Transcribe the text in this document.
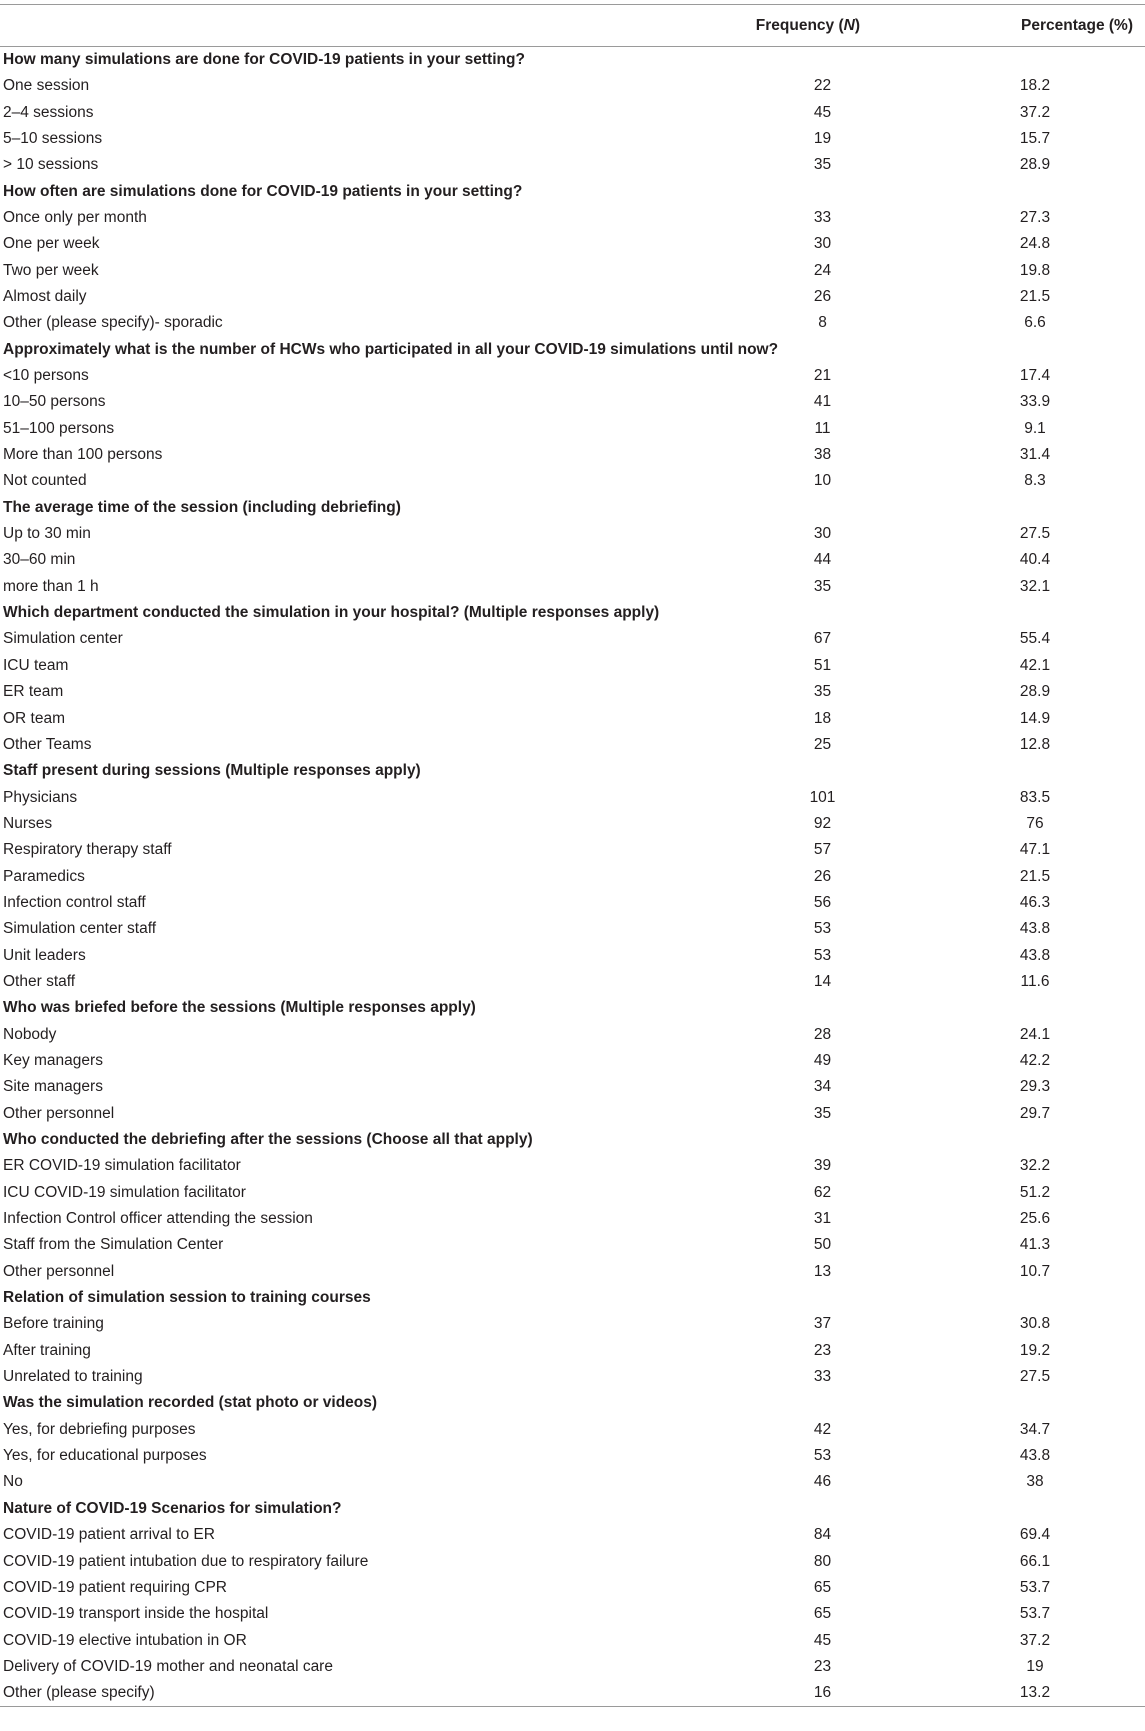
	Frequency (N)	Percentage (%)
How many simulations are done for COVID-19 patients in your setting?		
One session	22	18.2
2–4 sessions	45	37.2
5–10 sessions	19	15.7
> 10 sessions	35	28.9
How often are simulations done for COVID-19 patients in your setting?		
Once only per month	33	27.3
One per week	30	24.8
Two per week	24	19.8
Almost daily	26	21.5
Other (please specify)- sporadic	8	6.6
Approximately what is the number of HCWs who participated in all your COVID-19 simulations until now?		
<10 persons	21	17.4
10–50 persons	41	33.9
51–100 persons	11	9.1
More than 100 persons	38	31.4
Not counted	10	8.3
The average time of the session (including debriefing)		
Up to 30 min	30	27.5
30–60 min	44	40.4
more than 1 h	35	32.1
Which department conducted the simulation in your hospital? (Multiple responses apply)		
Simulation center	67	55.4
ICU team	51	42.1
ER team	35	28.9
OR team	18	14.9
Other Teams	25	12.8
Staff present during sessions (Multiple responses apply)		
Physicians	101	83.5
Nurses	92	76
Respiratory therapy staff	57	47.1
Paramedics	26	21.5
Infection control staff	56	46.3
Simulation center staff	53	43.8
Unit leaders	53	43.8
Other staff	14	11.6
Who was briefed before the sessions (Multiple responses apply)		
Nobody	28	24.1
Key managers	49	42.2
Site managers	34	29.3
Other personnel	35	29.7
Who conducted the debriefing after the sessions (Choose all that apply)		
ER COVID-19 simulation facilitator	39	32.2
ICU COVID-19 simulation facilitator	62	51.2
Infection Control officer attending the session	31	25.6
Staff from the Simulation Center	50	41.3
Other personnel	13	10.7
Relation of simulation session to training courses		
Before training	37	30.8
After training	23	19.2
Unrelated to training	33	27.5
Was the simulation recorded (stat photo or videos)		
Yes, for debriefing purposes	42	34.7
Yes, for educational purposes	53	43.8
No	46	38
Nature of COVID-19 Scenarios for simulation?		
COVID-19 patient arrival to ER	84	69.4
COVID-19 patient intubation due to respiratory failure	80	66.1
COVID-19 patient requiring CPR	65	53.7
COVID-19 transport inside the hospital	65	53.7
COVID-19 elective intubation in OR	45	37.2
Delivery of COVID-19 mother and neonatal care	23	19
Other (please specify)	16	13.2
